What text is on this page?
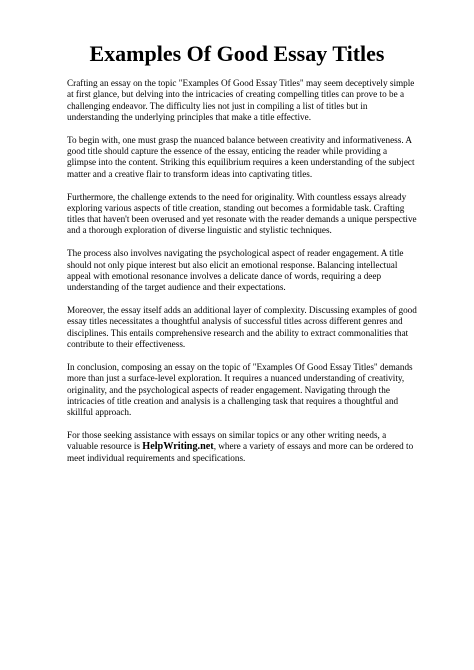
Examples Of Good Essay Titles

Crafting an essay on the topic "Examples Of Good Essay Titles" may seem deceptively simple at first glance, but delving into the intricacies of creating compelling titles can prove to be a challenging endeavor. The difficulty lies not just in compiling a list of titles but in understanding the underlying principles that make a title effective.

To begin with, one must grasp the nuanced balance between creativity and informativeness. A good title should capture the essence of the essay, enticing the reader while providing a glimpse into the content. Striking this equilibrium requires a keen understanding of the subject matter and a creative flair to transform ideas into captivating titles.

Furthermore, the challenge extends to the need for originality. With countless essays already exploring various aspects of title creation, standing out becomes a formidable task. Crafting titles that haven't been overused and yet resonate with the reader demands a unique perspective and a thorough exploration of diverse linguistic and stylistic techniques.

The process also involves navigating the psychological aspect of reader engagement. A title should not only pique interest but also elicit an emotional response. Balancing intellectual appeal with emotional resonance involves a delicate dance of words, requiring a deep understanding of the target audience and their expectations.

Moreover, the essay itself adds an additional layer of complexity. Discussing examples of good essay titles necessitates a thoughtful analysis of successful titles across different genres and disciplines. This entails comprehensive research and the ability to extract commonalities that contribute to their effectiveness.

In conclusion, composing an essay on the topic of "Examples Of Good Essay Titles" demands more than just a surface-level exploration. It requires a nuanced understanding of creativity, originality, and the psychological aspects of reader engagement. Navigating through the intricacies of title creation and analysis is a challenging task that requires a thoughtful and skillful approach.

For those seeking assistance with essays on similar topics or any other writing needs, a valuable resource is HelpWriting.net, where a variety of essays and more can be ordered to meet individual requirements and specifications.
